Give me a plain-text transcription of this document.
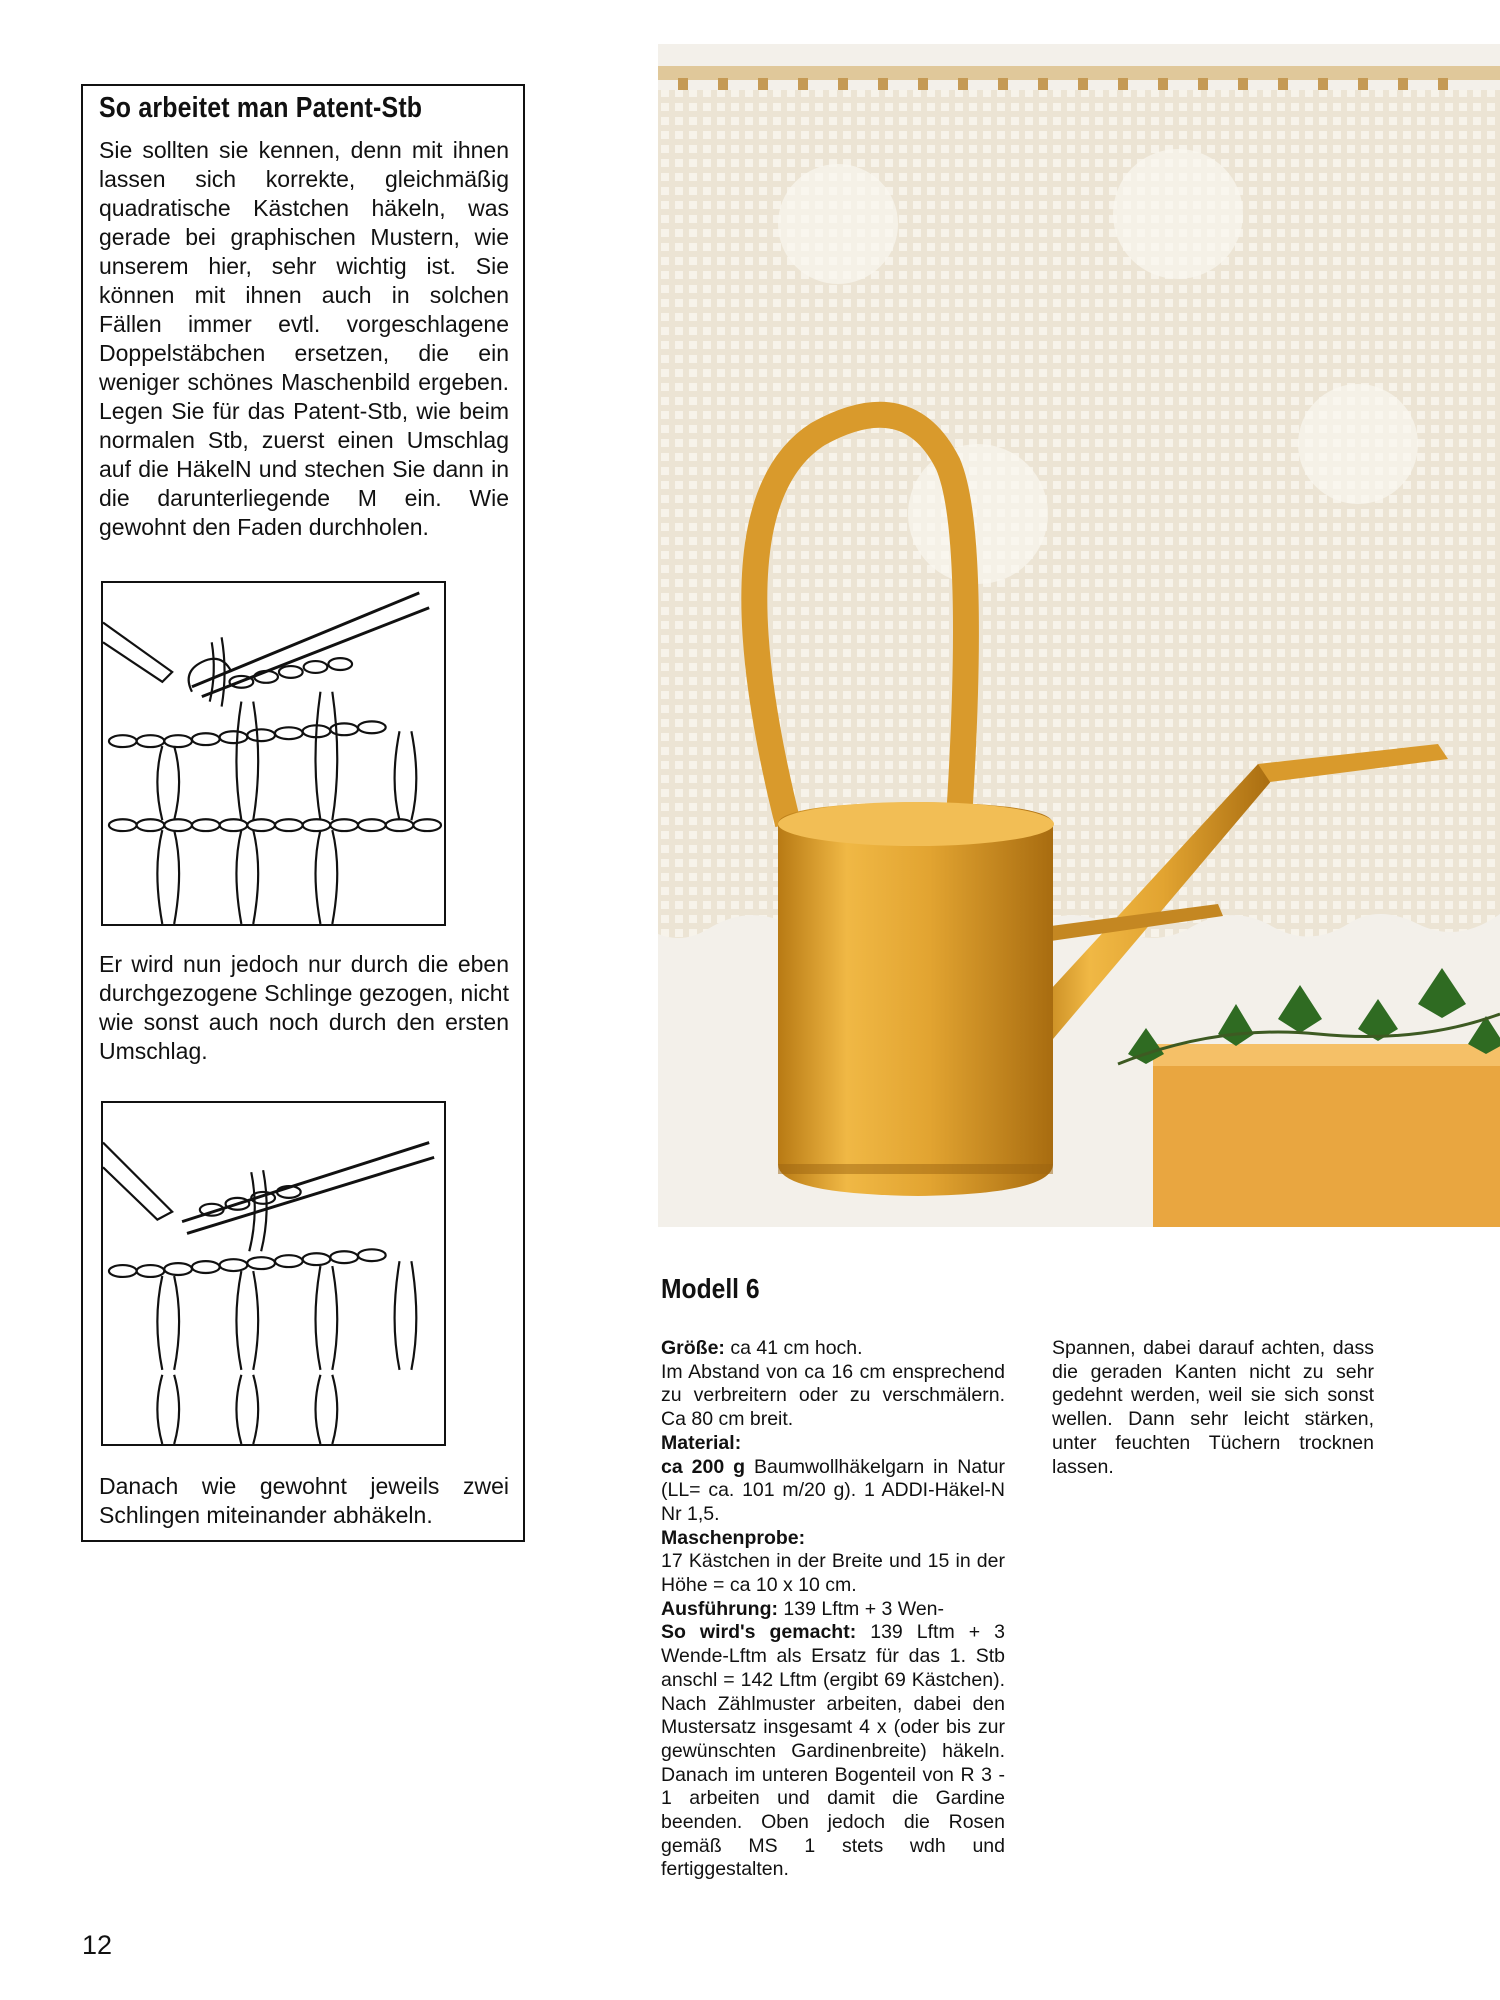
So arbeitet man Patent-Stb
Sie sollten sie kennen, denn mit ihnen lassen sich korrekte, gleichmäßig quadratische Kästchen häkeln, was gerade bei graphischen Mustern, wie unserem hier, sehr wichtig ist. Sie können mit ihnen auch in solchen Fällen immer evtl. vorgeschlagene Doppelstäbchen ersetzen, die ein weniger schönes Maschenbild ergeben. Legen Sie für das Patent-Stb, wie beim normalen Stb, zuerst einen Umschlag auf die HäkelN und stechen Sie dann in die darunterliegende M ein. Wie gewohnt den Faden durchholen.
Er wird nun jedoch nur durch die eben durchgezogene Schlinge gezogen, nicht wie sonst auch noch durch den ersten Umschlag.
Danach wie gewohnt jeweils zwei Schlingen miteinander abhäkeln.
Modell 6

Größe: ca 41 cm hoch.

Im Abstand von ca 16 cm ensprechend zu verbreitern oder zu verschmälern. Ca 80 cm breit.

Material:

ca 200 g Baumwollhäkelgarn in Natur (LL= ca. 101 m/20 g). 1 ADDI-Häkel-N Nr 1,5.

Maschenprobe:

17 Kästchen in der Breite und 15 in der Höhe = ca 10 x 10 cm.

Ausführung: 139 Lftm + 3 Wen-

So wird's gemacht: 139 Lftm + 3 Wende-Lftm als Ersatz für das 1. Stb anschl = 142 Lftm (ergibt 69 Kästchen). Nach Zählmuster arbeiten, dabei den Mustersatz insgesamt 4 x (oder bis zur gewünschten Gardinenbreite) häkeln. Danach im unteren Bogenteil von R 3 - 1 arbeiten und damit die Gardine beenden. Oben jedoch die Rosen gemäß MS 1 stets wdh und fertiggestalten.

Spannen, dabei darauf achten, dass die geraden Kanten nicht zu sehr gedehnt werden, weil sie sich sonst wellen. Dann sehr leicht stärken, unter feuchten Tüchern trocknen lassen.

12
